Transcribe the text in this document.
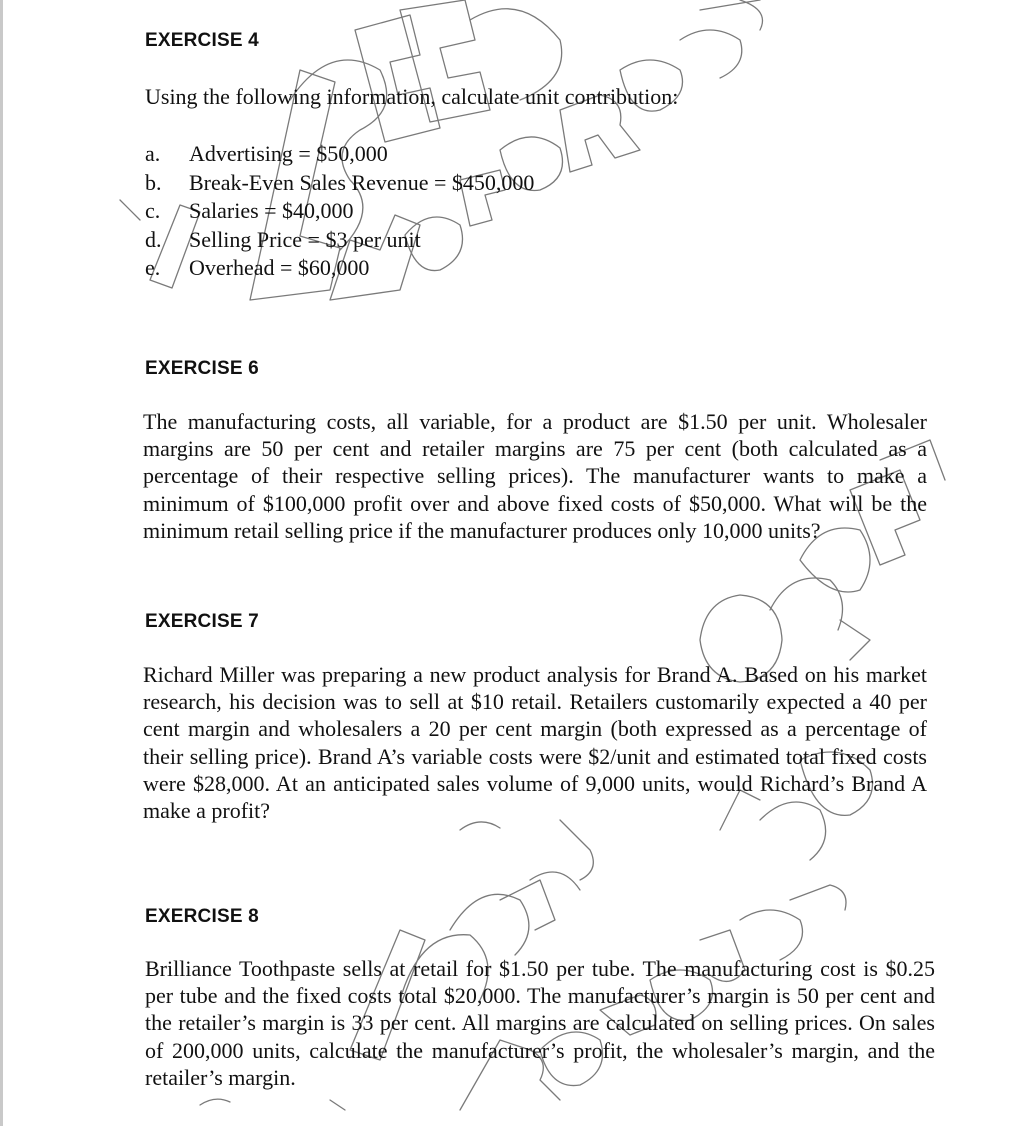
EXERCISE 4

Using the following information, calculate unit contribution:

a. Advertising = $50,000
b. Break-Even Sales Revenue = $450,000
c. Salaries = $40,000
d. Selling Price = $3 per unit
e. Overhead = $60,000
EXERCISE 6

The manufacturing costs, all variable, for a product are $1.50 per unit. Wholesaler margins are 50 per cent and retailer margins are 75 per cent (both calculated as a percentage of their respective selling prices). The manufacturer wants to make a minimum of $100,000 profit over and above fixed costs of $50,000. What will be the minimum retail selling price if the manufacturer produces only 10,000 units?

EXERCISE 7

Richard Miller was preparing a new product analysis for Brand A. Based on his market research, his decision was to sell at $10 retail. Retailers customarily expected a 40 per cent margin and wholesalers a 20 per cent margin (both expressed as a percentage of their selling price). Brand A’s variable costs were $2/unit and estimated total fixed costs were $28,000. At an anticipated sales volume of 9,000 units, would Richard’s Brand A make a profit?

EXERCISE 8

Brilliance Toothpaste sells at retail for $1.50 per tube. The manufacturing cost is $0.25 per tube and the fixed costs total $20,000. The manufacturer’s margin is 50 per cent and the retailer’s margin is 33 per cent. All margins are calculated on selling prices. On sales of 200,000 units, calculate the manufacturer’s profit, the wholesaler’s margin, and the retailer’s margin.
